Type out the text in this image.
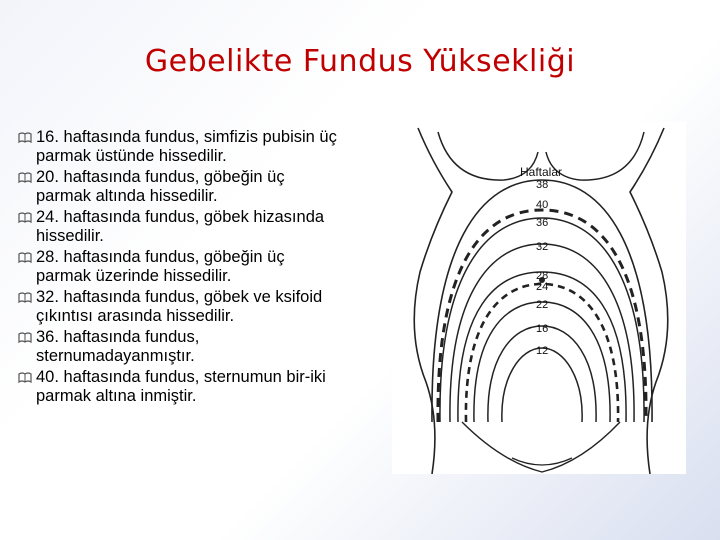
Gebelikte Fundus Yüksekliği
16. haftasında fundus, simfizis pubisin üç
parmak üstünde hissedilir.
20. haftasında fundus, göbeğin üç
parmak altında hissedilir.
24. haftasında fundus, göbek hizasında
hissedilir.
28. haftasında fundus, göbeğin üç
parmak üzerinde hissedilir.
32. haftasında fundus, göbek ve ksifoid
çıkıntısı arasında hissedilir.
36. haftasında fundus,
sternumadayanmıştır.
40. haftasında fundus, sternumun bir-iki
parmak altına inmiştir.
Haftalar
38
40
36
32
28
24
22
16
12
